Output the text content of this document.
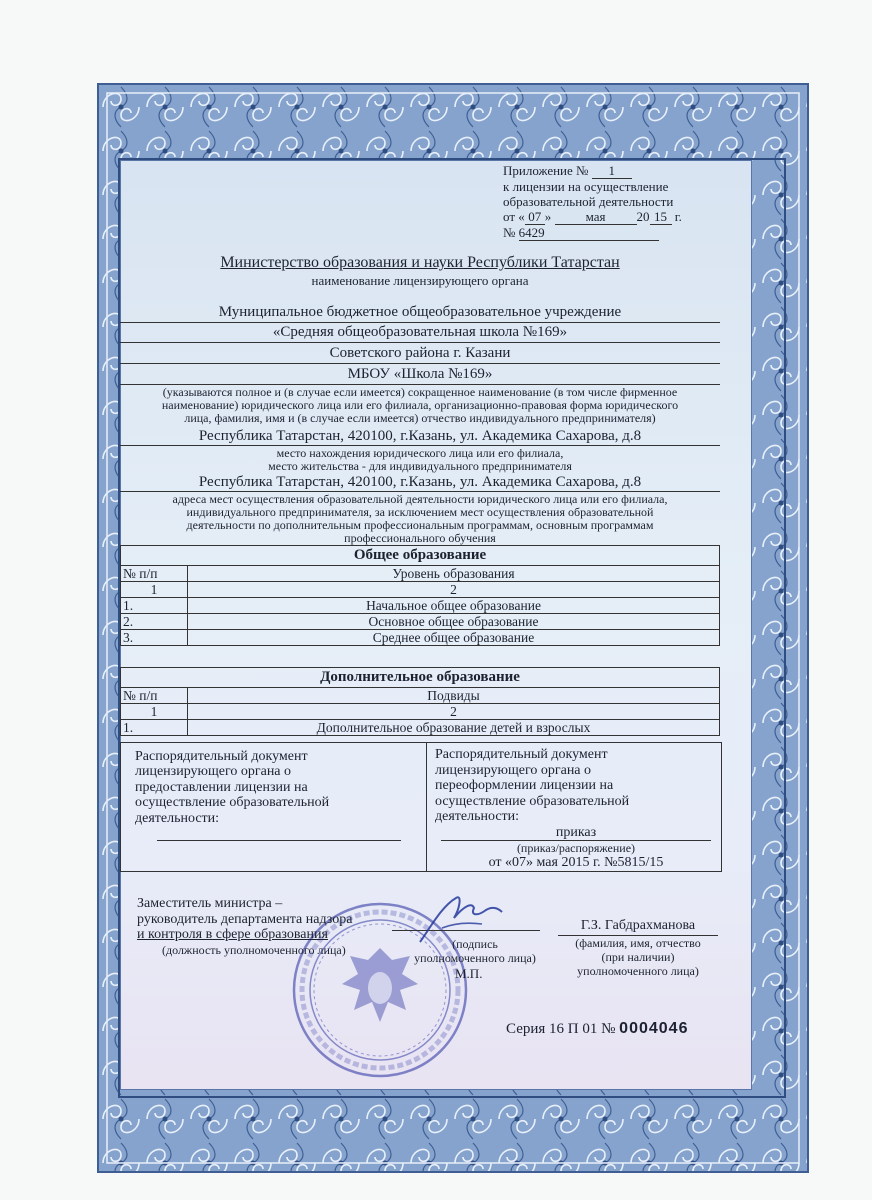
Приложение № 1
к лицензии на осуществление
образовательной деятельности
от « 07 »	мая 20 15 г.
№ 6429
Министерство образования и науки Республики Татарстан
наименование лицензирующего органа
Муниципальное бюджетное общеобразовательное учреждение
«Средняя общеобразовательная школа №169»
Советского района г. Казани
МБОУ «Школа №169»
(указываются полное и (в случае если имеется) сокращенное наименование (в том числе фирменное
наименование) юридического лица или его филиала, организационно-правовая форма юридического
лица, фамилия, имя и (в случае если имеется) отчество индивидуального предпринимателя)
Республика Татарстан, 420100, г.Казань, ул. Академика Сахарова, д.8
место нахождения юридического лица или его филиала,
место жительства - для индивидуального предпринимателя
Республика Татарстан, 420100, г.Казань, ул. Академика Сахарова, д.8
адреса мест осуществления образовательной деятельности юридического лица или его филиала,
индивидуального предпринимателя, за исключением мест осуществления образовательной
деятельности по дополнительным профессиональным программам, основным программам
профессионального обучения
Общее образование	
№ п/п	Уровень образования
1	2
1.	Начальное общее образование
2.	Основное общее образование
3.	Среднее общее образование
Дополнительное образование	
№ п/п	Подвиды
1	2
1.	Дополнительное образование детей и взрослых
Распорядительный документ
лицензирующего органа о
предоставлении лицензии на
осуществление образовательной
деятельности:
Распорядительный документ
лицензирующего органа о
переоформлении лицензии на
осуществление образовательной
деятельности:
приказ
(приказ/распоряжение)
от «07» мая 2015 г. №5815/15
Заместитель министра –
руководитель департамента надзора
и контроля в сфере образования
(должность уполномоченного лица)	(подпись
уполномоченного лица)
М.П.
Г.З. Габдрахманова
(фамилия, имя, отчество
(при наличии)
уполномоченного лица)
Серия 16 П 01 № 0004046
